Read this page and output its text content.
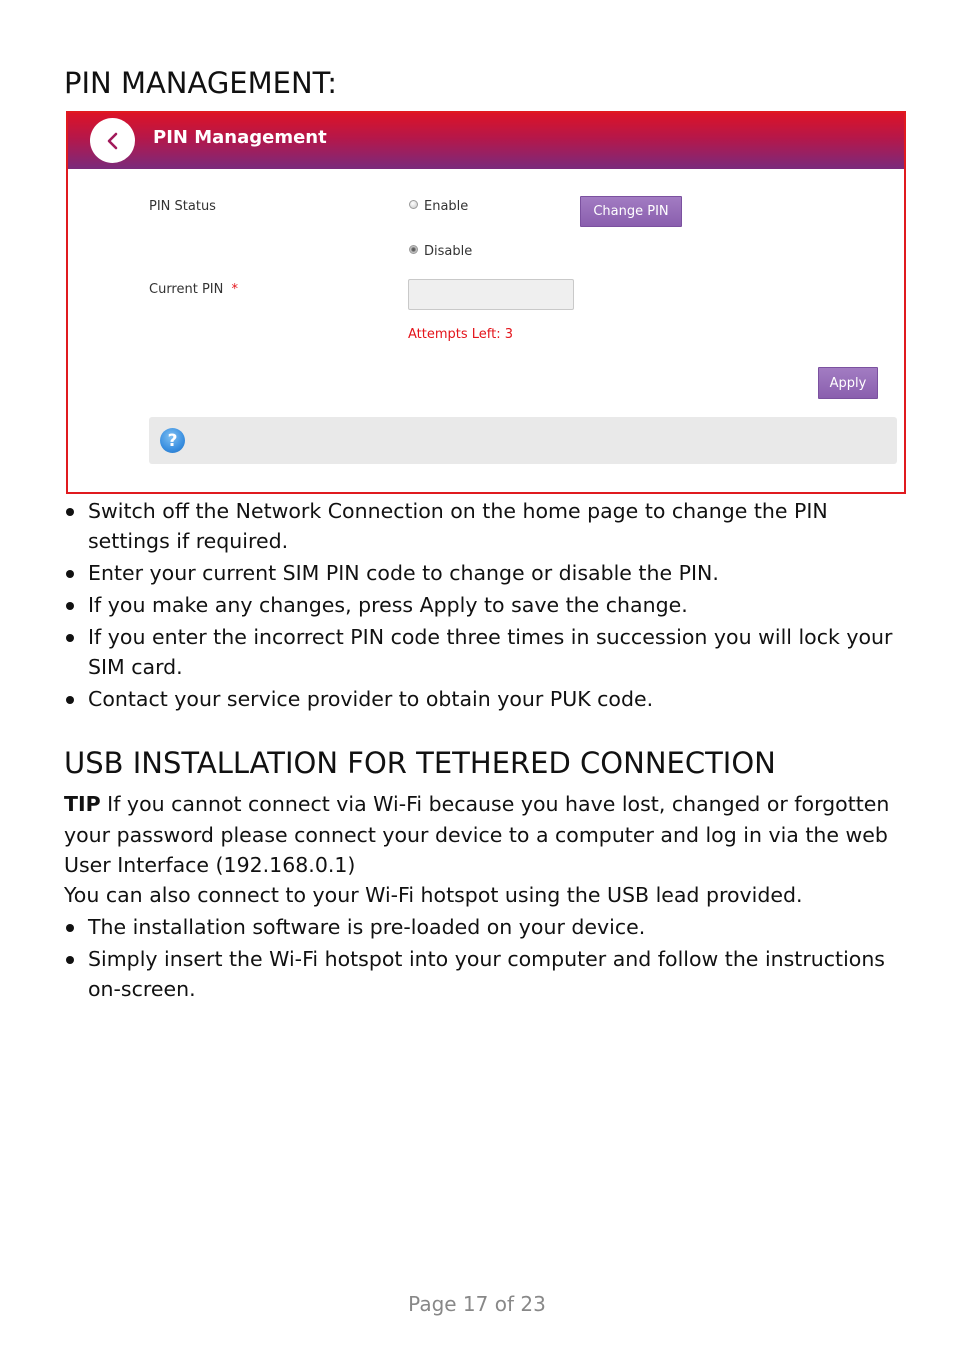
PIN MANAGEMENT:
PIN Management
PIN Status	Enable
Disable
Change PIN
Current PIN *
Attempts Left: 3
Apply
?
Switch off the Network Connection on the home page to change the PIN settings if required.
Enter your current SIM PIN code to change or disable the PIN.
If you make any changes, press Apply to save the change.
If you enter the incorrect PIN code three times in succession you will lock your SIM card.
Contact your service provider to obtain your PUK code.
USB INSTALLATION FOR TETHERED CONNECTION

TIP If you cannot connect via Wi-Fi because you have lost, changed or forgotten your password please connect your device to a computer and log in via the web User Interface (192.168.0.1)

You can also connect to your Wi-Fi hotspot using the USB lead provided.

The installation software is pre-loaded on your device.
Simply insert the Wi-Fi hotspot into your computer and follow the instructions on-screen.
Page 17 of 23
